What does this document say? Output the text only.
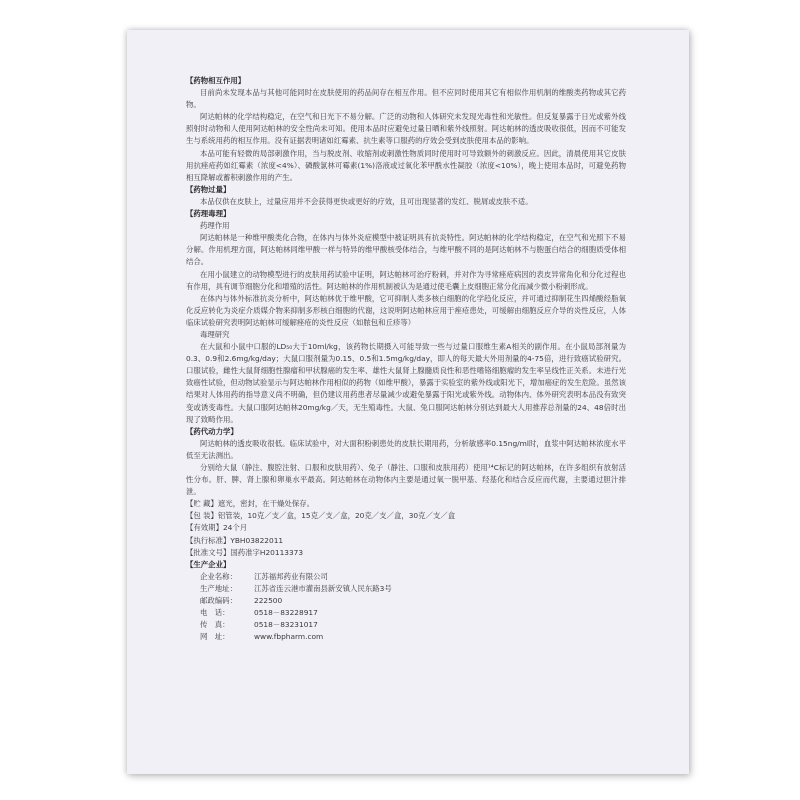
【药物相互作用】

目前尚未发现本品与其他可能同时在皮肤使用的药品间存在相互作用。但不应同时使用其它有相似作用机制的维酸类药物或其它药物。

阿达帕林的化学结构稳定，在空气和日光下不易分解。广泛的动物和人体研究未发现光毒性和光敏性。但反复暴露于日光或紫外线照射时动物和人使用阿达帕林的安全性尚未可知。使用本品时应避免过量日晒和紫外线照射。阿达帕林的透皮吸收很低，因而不可能发生与系统用药的相互作用。没有证据表明诸如红霉素、抗生素等口服药的疗效会受到皮肤使用本品的影响。

本品可能有轻微的局部刺激作用，当与脱皮剂、收缩剂或刺激性物质同时使用时可导致额外的刺激反应。因此，清晨使用其它皮肤用抗痤疮药如红霉素（浓度<4%）、磷酸氯林可霉素(1%)洛液或过氧化苯甲酰水性凝胶（浓度<10%），晚上使用本品时，可避免药物相互降解或蓄积刺激作用的产生。

【药物过量】

本品仅供在皮肤上，过量应用并不会获得更快或更好的疗效，且可出现显著的发红、脱屑或皮肤不适。

【药理毒理】

药理作用

阿达帕林是一种维甲酸类化合物，在体内与体外炎症模型中被证明具有抗炎特性。阿达帕林的化学结构稳定，在空气和光照下不易分解。作用机理方面，阿达帕林同维甲酸一样与特异的维甲酸核受体结合，与维甲酸不同的是阿达帕林不与胞蛋白结合的细胞质受体相结合。

在用小鼠建立的动物模型进行的皮肤用药试验中证明，阿达帕林可治疗粉刺，并对作为寻常痤疮病因的表皮异常角化和分化过程也有作用，具有调节细胞分化和增殖的活性。阿达帕林的作用机制被认为是通过使毛囊上皮细胞正常分化而减少微小粉刺形成。

在体内与体外标准抗炎分析中，阿达帕林优于维甲酸，它可抑制人类多核白细胞的化学趋化反应，并可通过抑制花生四烯酸经脂氧化反应转化为炎症介质媒介物来抑制多形核白细胞的代谢，这说明阿达帕林应用于痤疮患处，可缓解由细胞反应介导的炎性反应，人体临床试验研究表明阿达帕林可缓解痤疮的炎性反应（如脓包和丘疹等）

毒理研究

在大鼠和小鼠中口服的LD₅₀大于10ml/kg，该药物长期摄入可能导致一些与过量口服维生素A相关的副作用。在小鼠局部剂量为0.3、0.9和2.6mg/kg/day；大鼠口服剂量为0.15、0.5和1.5mg/kg/day，即人的每天最大外用剂量的4-75倍，进行致癌试验研究。口服试验，雌性大鼠肾细胞性腺瘤和甲状腺癌的发生率、雄性大鼠肾上腺髓质良性和恶性嗜铬细胞瘤的发生率呈线性正关系。未进行光致癌性试验，但动物试验显示与阿达帕林作用相似的药物（如维甲酸），暴露于实验室的紫外线或阳光下，增加癌症的发生危险。虽然该结果对人体用药的指导意义尚不明确，但仍建议用药患者尽量减少或避免暴露于阳光或紫外线。动物体内、体外研究表明本品没有致突变或诱变毒性。大鼠口服阿达帕林20mg/kg／天，无生殖毒性。大鼠、兔口服阿达帕林分别达到最大人用推荐总剂量的24、48倍时出现了致畸作用。

【药代动力学】

阿达帕林的透皮吸收很低。临床试验中，对大面积粉刺患处的皮肤长期用药，分析敏感率0.15ng/ml时，血浆中阿达帕林浓度水平低至无法测出。

分别给大鼠（静注、腹腔注射、口服和皮肤用药）、兔子（静注、口服和皮肤用药）使用¹⁴C标记的阿达帕林，在许多组织有放射活性分布。肝、脾、肾上腺和卵巢水平最高。阿达帕林在动物体内主要是通过氧一脱甲基、羟基化和结合反应而代谢，主要通过胆汁排泄。

【贮 藏】遮光，密封，在干燥处保存。

【包 装】铝管装，10克／支／盒，15克／支／盒，20克／支／盒，30克／支／盒

【有效期】24个月

【执行标准】YBH03822011

【批准文号】国药准字H20113373

【生产企业】

企业名称： 江苏福邦药业有限公司

生产地址： 江苏省连云港市灌南县新安镇人民东路3号

邮政编码： 222500

电　话：	0518－83228917

传　真：	0518－83231017

网　址：	www.fbpharm.com
